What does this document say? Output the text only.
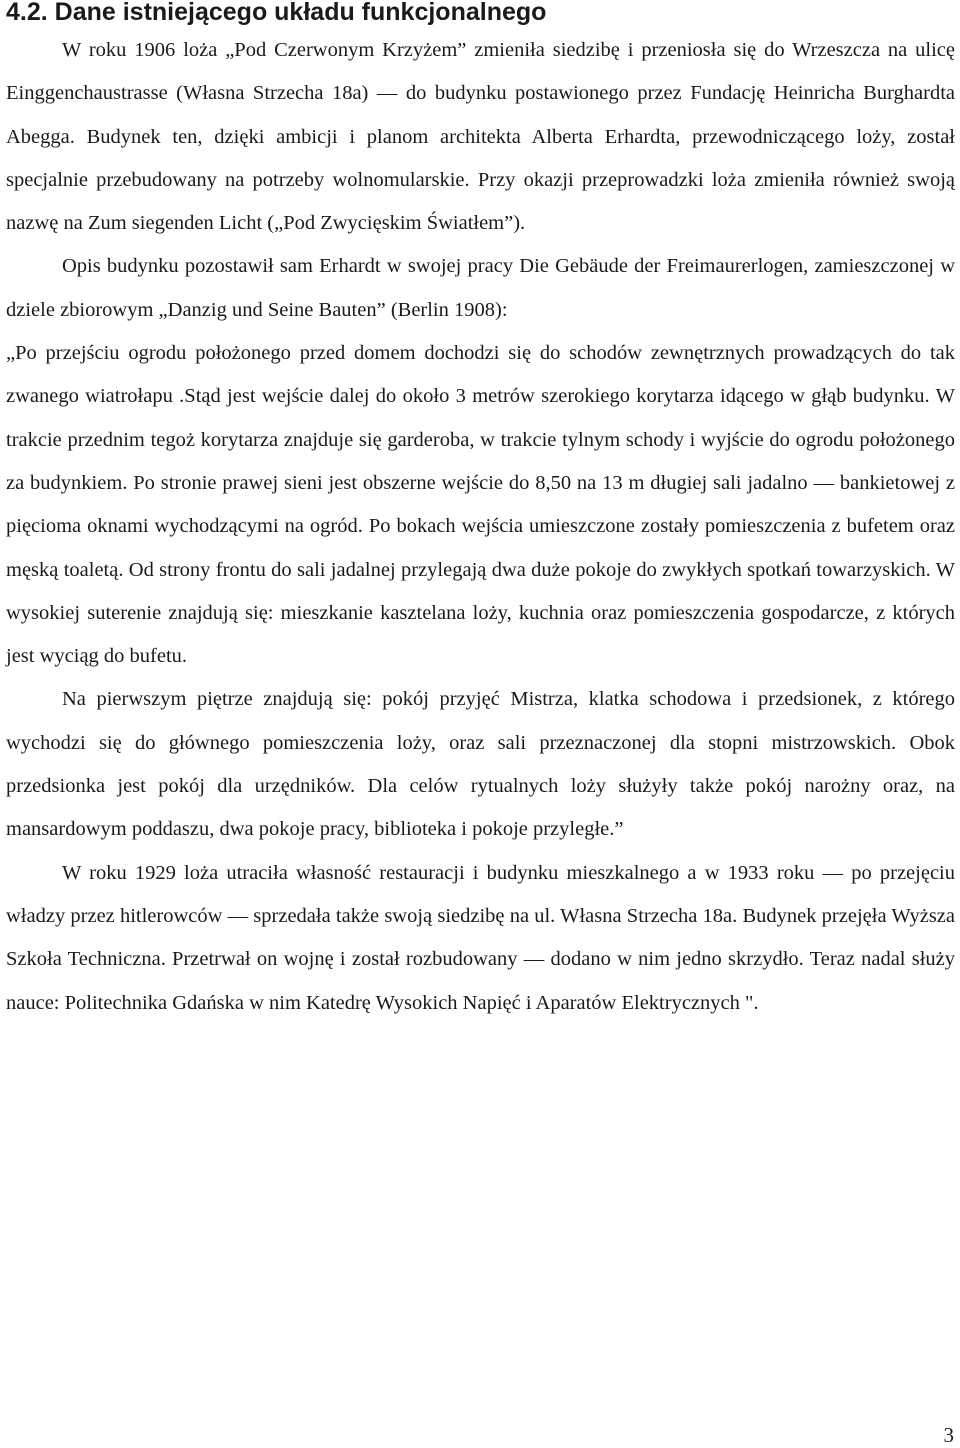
4.2. Dane istniejącego układu funkcjonalnego

W roku 1906 loża „Pod Czerwonym Krzyżem” zmieniła siedzibę i przeniosła się do Wrzeszcza na ulicę Einggenchaustrasse (Własna Strzecha 18a) — do budynku postawionego przez Fundację Heinricha Burghardta Abegga. Budynek ten, dzięki ambicji i planom architekta Alberta Erhardta, przewodniczącego loży, został specjalnie przebudowany na potrzeby wolnomularskie. Przy okazji przeprowadzki loża zmieniła również swoją nazwę na Zum siegenden Licht („Pod Zwycięskim Światłem”).

Opis budynku pozostawił sam Erhardt w swojej pracy Die Gebäude der Freimaurerlogen, zamieszczonej w dziele zbiorowym „Danzig und Seine Bauten” (Berlin 1908):

„Po przejściu ogrodu położonego przed domem dochodzi się do schodów zewnętrznych prowadzących do tak zwanego wiatrołapu .Stąd jest wejście dalej do około 3 metrów szerokiego korytarza idącego w głąb budynku. W trakcie przednim tegoż korytarza znajduje się garderoba, w trakcie tylnym schody i wyjście do ogrodu położonego za budynkiem. Po stronie prawej sieni jest obszerne wejście do 8,50 na 13 m długiej sali jadalno — bankietowej z pięcioma oknami wychodzącymi na ogród. Po bokach wejścia umieszczone zostały pomieszczenia z bufetem oraz męską toaletą. Od strony frontu do sali jadalnej przylegają dwa duże pokoje do zwykłych spotkań towarzyskich. W wysokiej suterenie znajdują się: mieszkanie kasztelana loży, kuchnia oraz pomieszczenia gospodarcze, z których jest wyciąg do bufetu.

Na pierwszym piętrze znajdują się: pokój przyjęć Mistrza, klatka schodowa i przedsionek, z którego wychodzi się do głównego pomieszczenia loży, oraz sali przeznaczonej dla stopni mistrzowskich. Obok przedsionka jest pokój dla urzędników. Dla celów rytualnych loży służyły także pokój narożny oraz, na mansardowym poddaszu, dwa pokoje pracy, biblioteka i pokoje przyległe.”

W roku 1929 loża utraciła własność restauracji i budynku mieszkalnego a w 1933 roku — po przejęciu władzy przez hitlerowców — sprzedała także swoją siedzibę na ul. Własna Strzecha 18a. Budynek przejęła Wyższa Szkoła Techniczna. Przetrwał on wojnę i został rozbudowany — dodano w nim jedno skrzydło. Teraz nadal służy nauce: Politechnika Gdańska w nim Katedrę Wysokich Napięć i Aparatów Elektrycznych ".

3
